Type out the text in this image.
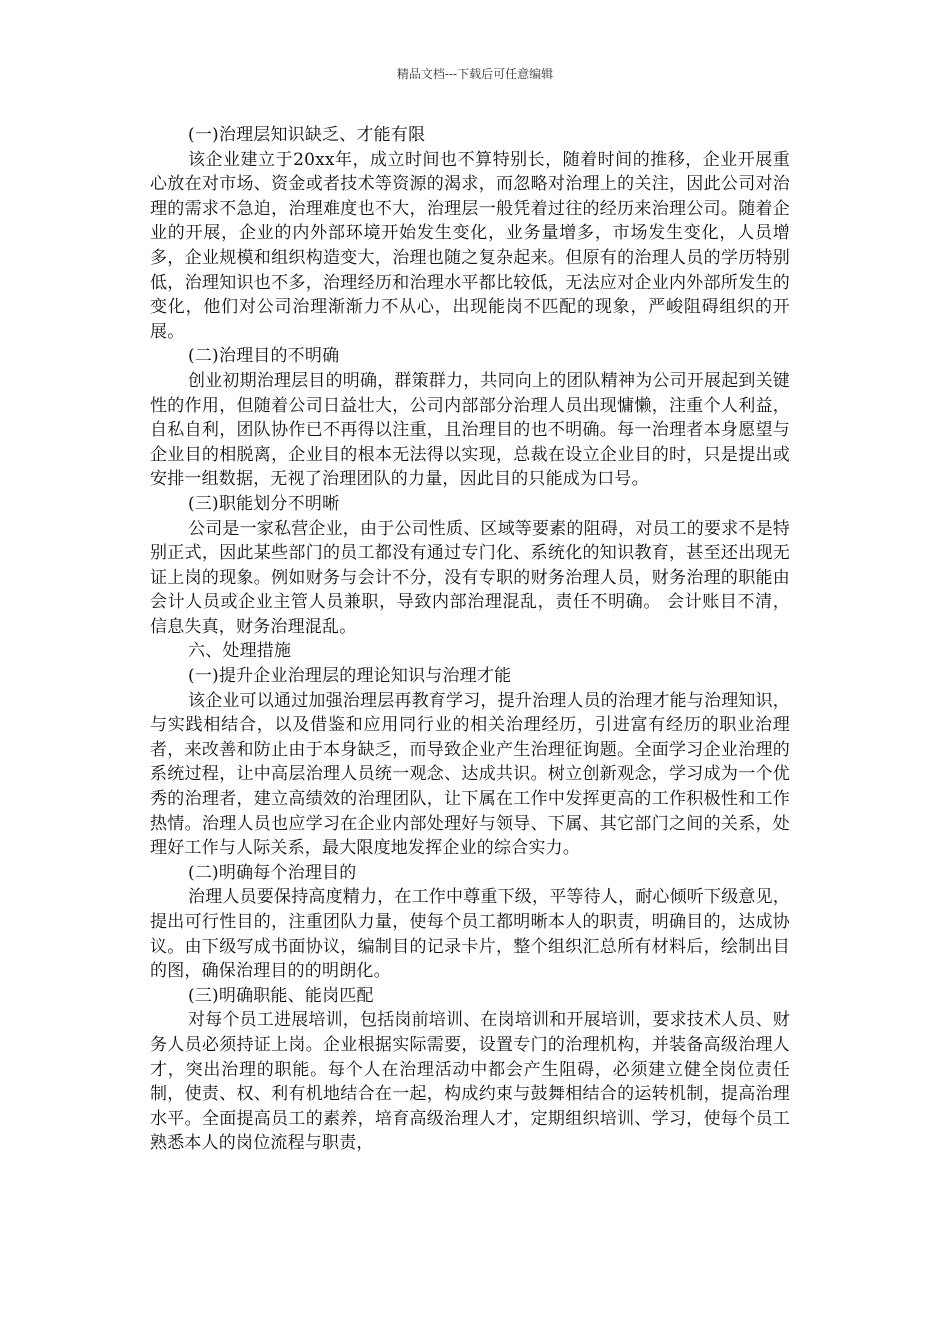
精品文档---下载后可任意编辑

(一)治理层知识缺乏、才能有限

该企业建立于20xx年，成立时间也不算特别长，随着时间的推移，企业开展重心放在对市场、资金或者技术等资源的渴求，而忽略对治理上的关注，因此公司对治理的需求不急迫，治理难度也不大，治理层一般凭着过往的经历来治理公司。随着企业的开展，企业的内外部环境开始发生变化，业务量增多，市场发生变化，人员增多，企业规模和组织构造变大，治理也随之复杂起来。但原有的治理人员的学历特别低，治理知识也不多，治理经历和治理水平都比较低，无法应对企业内外部所发生的变化，他们对公司治理渐渐力不从心，出现能岗不匹配的现象，严峻阻碍组织的开展。

(二)治理目的不明确

创业初期治理层目的明确，群策群力，共同向上的团队精神为公司开展起到关键性的作用，但随着公司日益壮大，公司内部部分治理人员出现慵懒，注重个人利益，自私自利，团队协作已不再得以注重，且治理目的也不明确。每一治理者本身愿望与企业目的相脱离，企业目的根本无法得以实现，总裁在设立企业目的时，只是提出或安排一组数据，无视了治理团队的力量，因此目的只能成为口号。

(三)职能划分不明晰

公司是一家私营企业，由于公司性质、区域等要素的阻碍，对员工的要求不是特别正式，因此某些部门的员工都没有通过专门化、系统化的知识教育，甚至还出现无证上岗的现象。例如财务与会计不分，没有专职的财务治理人员，财务治理的职能由会计人员或企业主管人员兼职，导致内部治理混乱，责任不明确。 会计账目不清，信息失真，财务治理混乱。

六、处理措施

(一)提升企业治理层的理论知识与治理才能

该企业可以通过加强治理层再教育学习，提升治理人员的治理才能与治理知识，与实践相结合，以及借鉴和应用同行业的相关治理经历，引进富有经历的职业治理者，来改善和防止由于本身缺乏，而导致企业产生治理征询题。全面学习企业治理的系统过程，让中高层治理人员统一观念、达成共识。树立创新观念，学习成为一个优秀的治理者，建立高绩效的治理团队，让下属在工作中发挥更高的工作积极性和工作热情。治理人员也应学习在企业内部处理好与领导、下属、其它部门之间的关系，处理好工作与人际关系，最大限度地发挥企业的综合实力。

(二)明确每个治理目的

治理人员要保持高度精力，在工作中尊重下级，平等待人，耐心倾听下级意见，提出可行性目的，注重团队力量，使每个员工都明晰本人的职责，明确目的，达成协议。由下级写成书面协议，编制目的记录卡片，整个组织汇总所有材料后，绘制出目的图，确保治理目的的明朗化。

(三)明确职能、能岗匹配

对每个员工进展培训，包括岗前培训、在岗培训和开展培训，要求技术人员、财务人员必须持证上岗。企业根据实际需要，设置专门的治理机构，并装备高级治理人才，突出治理的职能。每个人在治理活动中都会产生阻碍，必须建立健全岗位责任制，使责、权、利有机地结合在一起，构成约束与鼓舞相结合的运转机制，提高治理水平。全面提高员工的素养，培育高级治理人才，定期组织培训、学习，使每个员工熟悉本人的岗位流程与职责，
